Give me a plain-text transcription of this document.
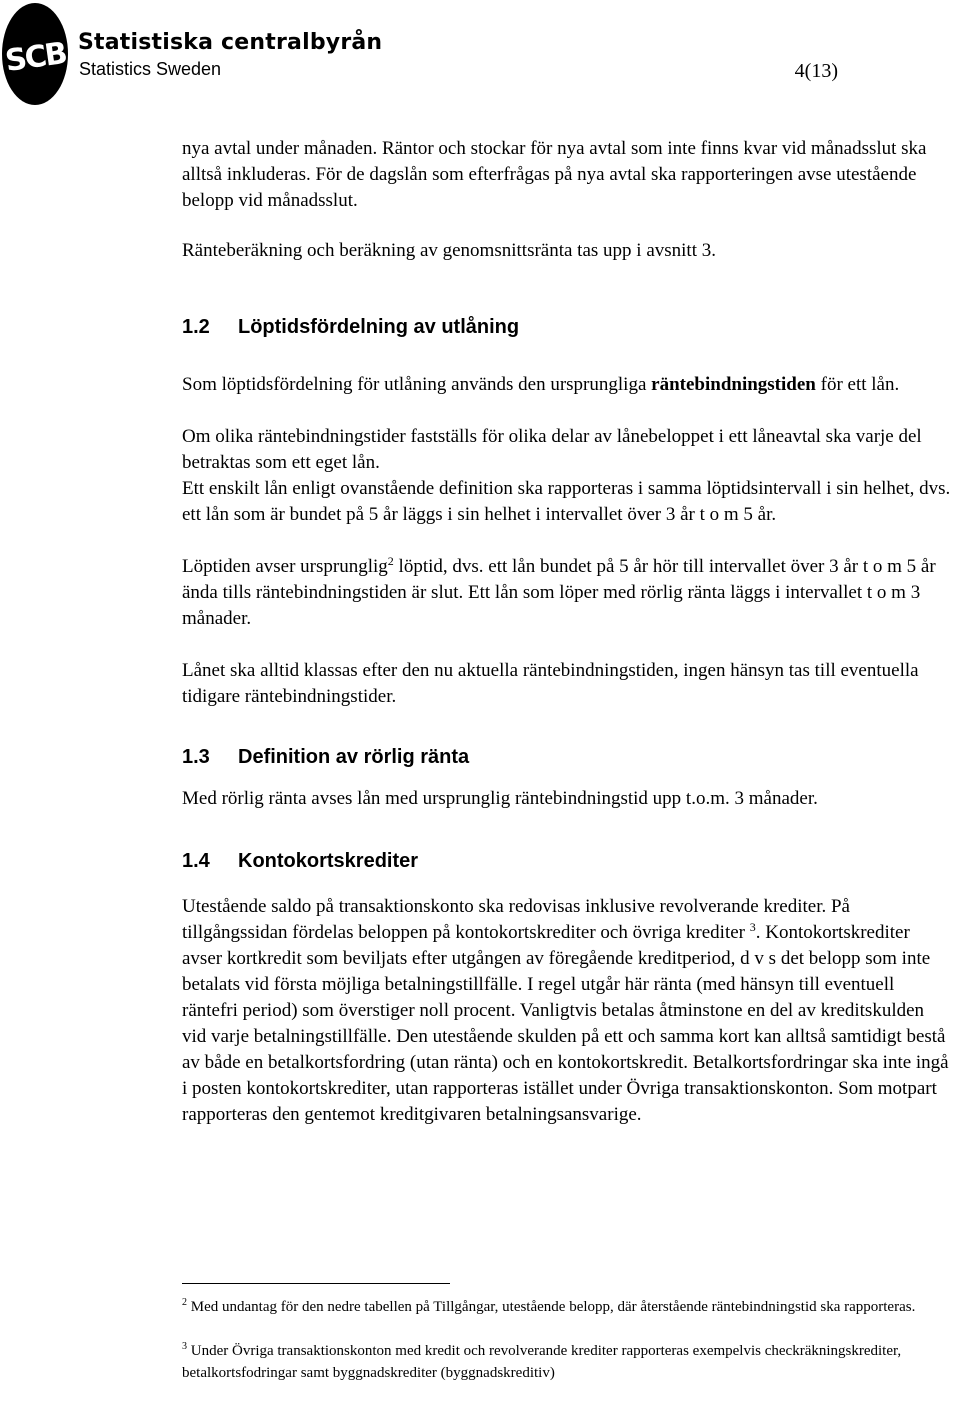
SCB Statistiska centralbyrån
Statistics Sweden	4(13)

nya avtal under månaden. Räntor och stockar för nya avtal som inte finns kvar vid månadsslut ska alltså inkluderas. För de dagslån som efterfrågas på nya avtal ska rapporteringen avse utestående belopp vid månadsslut.

Ränteberäkning och beräkning av genomsnittsränta tas upp i avsnitt 3.

1.2	Löptidsfördelning av utlåning

Som löptidsfördelning för utlåning används den ursprungliga räntebindningstiden för ett lån.

Om olika räntebindningstider fastställs för olika delar av lånebeloppet i ett låneavtal ska varje del betraktas som ett eget lån.

Ett enskilt lån enligt ovanstående definition ska rapporteras i samma löptidsintervall i sin helhet, dvs. ett lån som är bundet på 5 år läggs i sin helhet i intervallet över 3 år t o m 5 år.

Löptiden avser ursprunglig$^2$ löptid, dvs. ett lån bundet på 5 år hör till intervallet över 3 år t o m 5 år ända tills räntebindningstiden är slut. Ett lån som löper med rörlig ränta läggs i intervallet t o m 3 månader.

Lånet ska alltid klassas efter den nu aktuella räntebindningstiden, ingen hänsyn tas till eventuella tidigare räntebindningstider.

1.3	Definition av rörlig ränta

Med rörlig ränta avses lån med ursprunglig räntebindningstid upp t.o.m. 3 månader.

1.4	Kontokortskrediter

Utestående saldo på transaktionskonto ska redovisas inklusive revolverande krediter. På tillgångssidan fördelas beloppen på kontokortskrediter och övriga krediter $^3$. Kontokortskrediter avser kortkredit som beviljats efter utgången av föregående kreditperiod, d v s det belopp som inte betalats vid första möjliga betalningstillfälle. I regel utgår här ränta (med hänsyn till eventuell räntefri period) som överstiger noll procent. Vanligtvis betalas åtminstone en del av kreditskulden vid varje betalningstillfälle. Den utestående skulden på ett och samma kort kan alltså samtidigt bestå av både en betalkortsfordring (utan ränta) och en kontokortskredit. Betalkortsfordringar ska inte ingå i posten kontokortskrediter, utan rapporteras istället under Övriga transaktionskonton. Som motpart rapporteras den gentemot kreditgivaren betalningsansvarige.

$^2$ Med undantag för den nedre tabellen på Tillgångar, utestående belopp, där återstående räntebindningstid ska rapporteras.

$^3$ Under Övriga transaktionskonton med kredit och revolverande krediter rapporteras exempelvis checkräkningskrediter, betalkortsfodringar samt byggnadskrediter (byggnadskreditiv)
